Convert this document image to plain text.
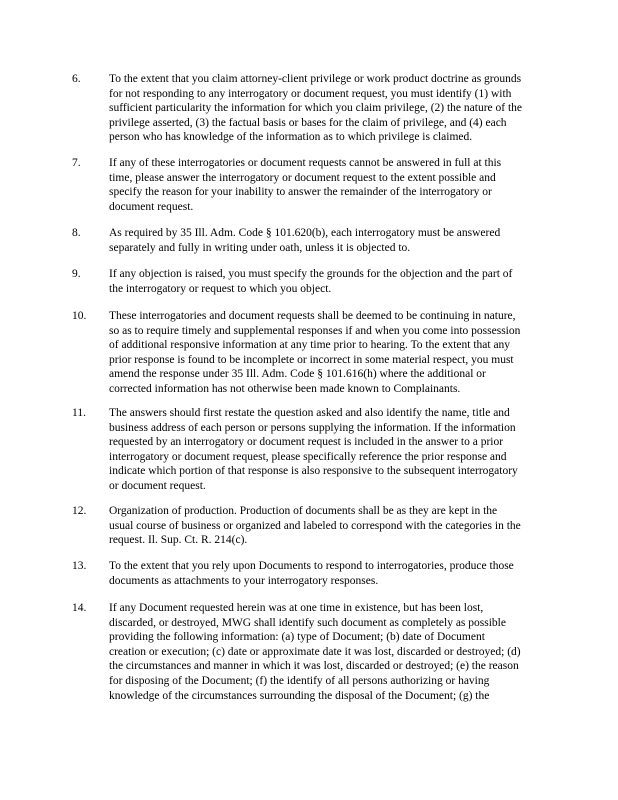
6. To the extent that you claim attorney-client privilege or work product doctrine as grounds
for not responding to any interrogatory or document request, you must identify (1) with
sufficient particularity the information for which you claim privilege, (2) the nature of the
privilege asserted, (3) the factual basis or bases for the claim of privilege, and (4) each
person who has knowledge of the information as to which privilege is claimed.
7. If any of these interrogatories or document requests cannot be answered in full at this
time, please answer the interrogatory or document request to the extent possible and
specify the reason for your inability to answer the remainder of the interrogatory or
document request.
8. As required by 35 Ill. Adm. Code § 101.620(b), each interrogatory must be answered
separately and fully in writing under oath, unless it is objected to.
9. If any objection is raised, you must specify the grounds for the objection and the part of
the interrogatory or request to which you object.
10. These interrogatories and document requests shall be deemed to be continuing in nature,
so as to require timely and supplemental responses if and when you come into possession
of additional responsive information at any time prior to hearing. To the extent that any
prior response is found to be incomplete or incorrect in some material respect, you must
amend the response under 35 Ill. Adm. Code § 101.616(h) where the additional or
corrected information has not otherwise been made known to Complainants.
11. The answers should first restate the question asked and also identify the name, title and
business address of each person or persons supplying the information. If the information
requested by an interrogatory or document request is included in the answer to a prior
interrogatory or document request, please specifically reference the prior response and
indicate which portion of that response is also responsive to the subsequent interrogatory
or document request.
12. Organization of production. Production of documents shall be as they are kept in the
usual course of business or organized and labeled to correspond with the categories in the
request. Il. Sup. Ct. R. 214(c).
13. To the extent that you rely upon Documents to respond to interrogatories, produce those
documents as attachments to your interrogatory responses.
14. If any Document requested herein was at one time in existence, but has been lost,
discarded, or destroyed, MWG shall identify such document as completely as possible
providing the following information: (a) type of Document; (b) date of Document
creation or execution; (c) date or approximate date it was lost, discarded or destroyed; (d)
the circumstances and manner in which it was lost, discarded or destroyed; (e) the reason
for disposing of the Document; (f) the identify of all persons authorizing or having
knowledge of the circumstances surrounding the disposal of the Document; (g) the
